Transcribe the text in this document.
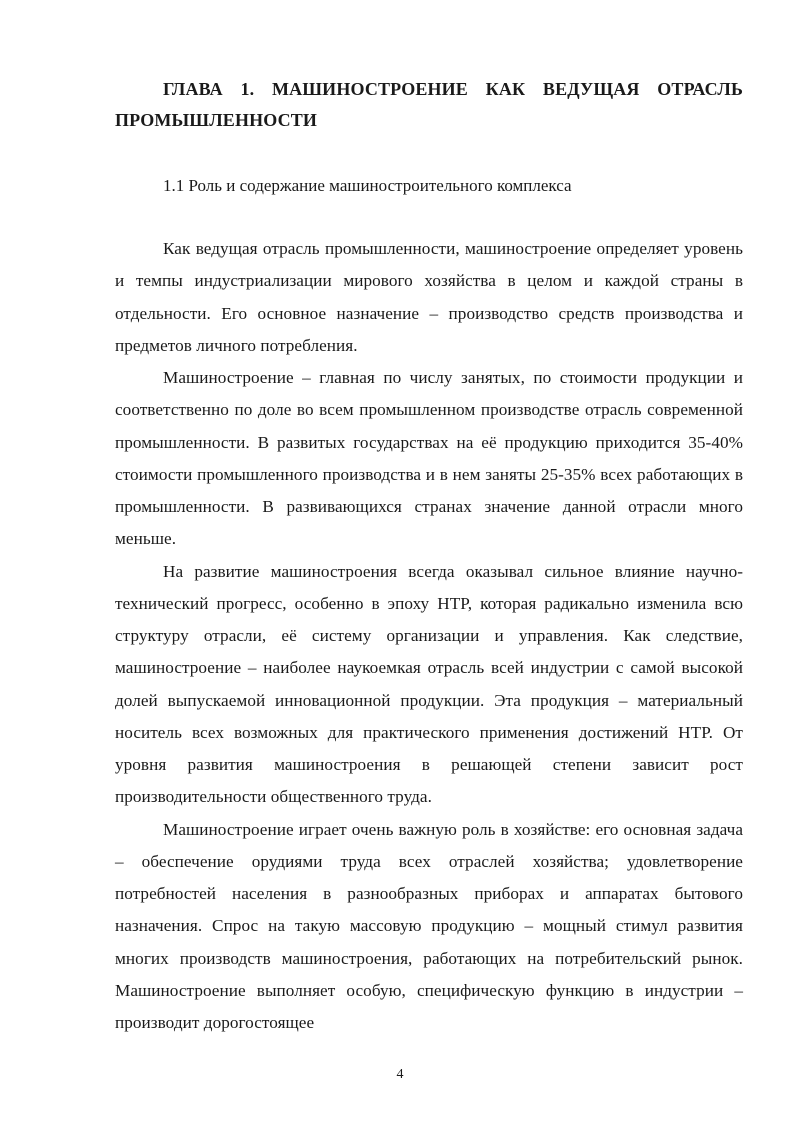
ГЛАВА 1. МАШИНОСТРОЕНИЕ КАК ВЕДУЩАЯ ОТРАСЛЬ ПРОМЫШЛЕННОСТИ
1.1 Роль и содержание машиностроительного комплекса

Как ведущая отрасль промышленности, машиностроение определяет уровень и темпы индустриализации мирового хозяйства в целом и каждой страны в отдельности. Его основное назначение – производство средств производства и предметов личного потребления.

Машиностроение – главная по числу занятых, по стоимости продукции и соответственно по доле во всем промышленном производстве отрасль современной промышленности. В развитых государствах на её продукцию приходится 35-40% стоимости промышленного производства и в нем заняты 25-35% всех работающих в промышленности. В развивающихся странах значение данной отрасли много меньше.

На развитие машиностроения всегда оказывал сильное влияние научно-технический прогресс, особенно в эпоху НТР, которая радикально изменила всю структуру отрасли, её систему организации и управления. Как следствие, машиностроение – наиболее наукоемкая отрасль всей индустрии с самой высокой долей выпускаемой инновационной продукции. Эта продукция – материальный носитель всех возможных для практического применения достижений НТР. От уровня развития машиностроения в решающей степени зависит рост производительности общественного труда.

Машиностроение играет очень важную роль в хозяйстве: его основная задача – обеспечение орудиями труда всех отраслей хозяйства; удовлетворение потребностей населения в разнообразных приборах и аппаратах бытового назначения. Спрос на такую массовую продукцию – мощный стимул развития многих производств машиностроения, работающих на потребительский рынок. Машиностроение выполняет особую, специфическую функцию в индустрии – производит дорогостоящее

4
